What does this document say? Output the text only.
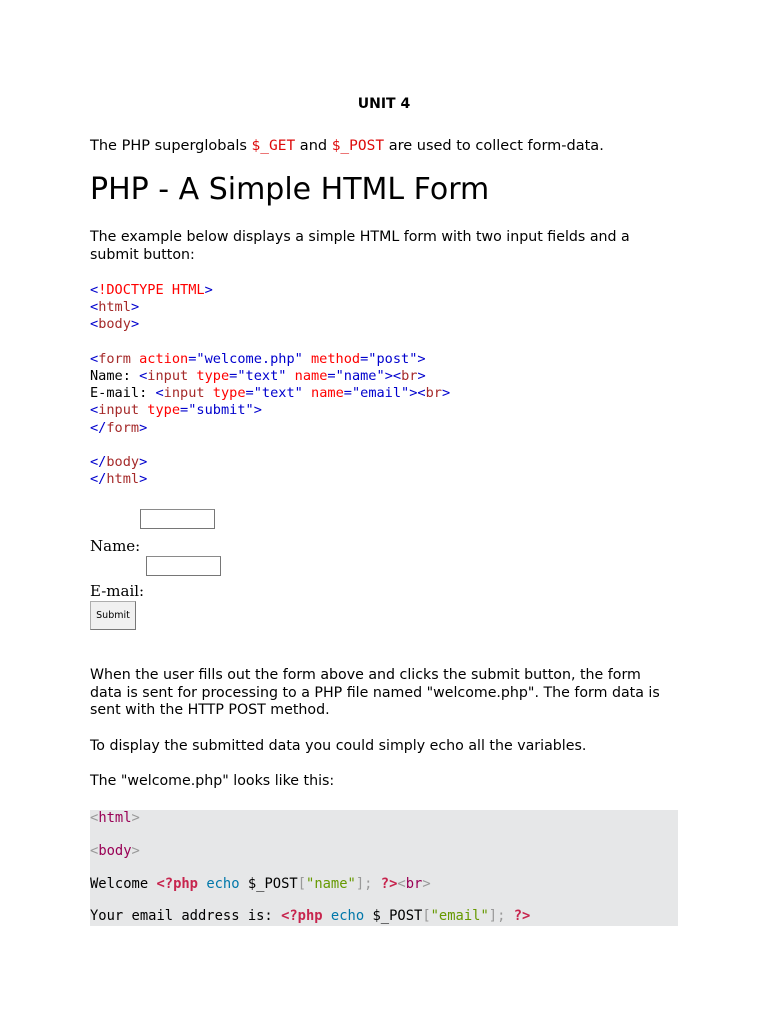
UNIT 4
The PHP superglobals $_GET and $_POST are used to collect form-data.
PHP - A Simple HTML Form
The example below displays a simple HTML form with two input fields and a submit button:
<!DOCTYPE HTML>
<html>
<body>

<form action="welcome.php" method="post">
Name: <input type="text" name="name"><br>
E-mail: <input type="text" name="email"><br>
<input type="submit">
</form>

</body>
</html>
Name:
E-mail:
Submit
When the user fills out the form above and clicks the submit button, the form data is sent for processing to a PHP file named "welcome.php". The form data is sent with the HTTP POST method.
To display the submitted data you could simply echo all the variables.
The "welcome.php" looks like this:
<html>
<body>
Welcome <?php echo $_POST["name"]; ?><br>
Your email address is: <?php echo $_POST["email"]; ?>
